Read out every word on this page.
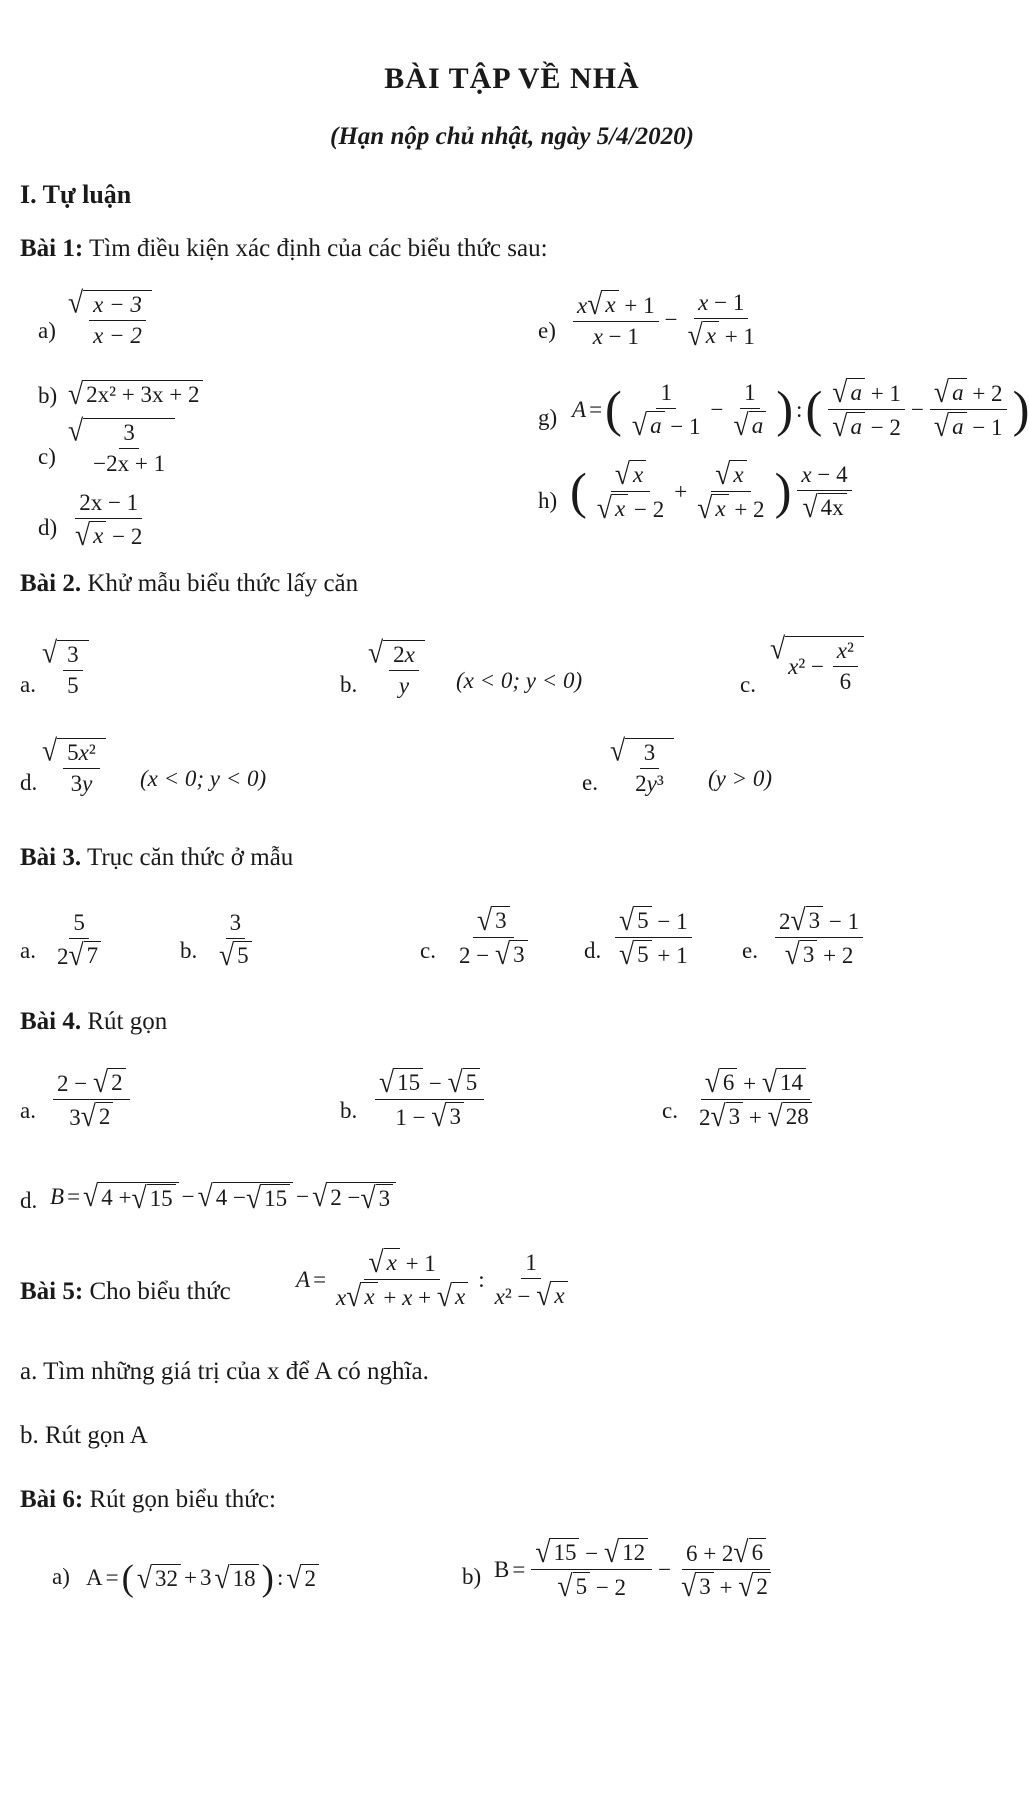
BÀI TẬP VỀ NHÀ
(Hạn nộp chủ nhật, ngày 5/4/2020)
I. Tự luận
Bài 1: Tìm điều kiện xác định của các biểu thức sau:
a)
√ $\frac{x - 3}{x - 2}$
b) √ 2x² + 3x + 2
c)
√ $\frac{3}{-2x + 1}$
$d) \frac{2x - 1}{√ x - 2}$
$e) \frac{x √ x + 1}{x - 1} - \frac{x - 1}{√ x + 1}$
g) A = ( $\frac{1}{√ a - 1} - \frac{1}{√ a}$ ) : ( $\frac{√ a + 1}{√ a - 2} - \frac{√ a + 2}{√ a - 1}$ )
h) ( $\frac{√ x}{√ x - 2} + \frac{√ x}{√ x + 2}$ ) $\frac{x - 4}{√ 4x}$
Bài 2. Khử mẫu biểu thức lấy căn
a.
√ $\frac{3}{5}$	b.
√ $\frac{2x}{y} (x < 0$; y < 0)	c.
√
x $^2 - \frac{\text{x²}}{6}$
d.
√ $\frac{\text{5x²}}{3y} (x < 0$; y < 0)	e.
√ $\frac{3}{\text{2y³}} (y > 0)$
Bài 3. Trục căn thức ở mẫu
a. $\frac{5}{2 √ 7}$	b. $\frac{3}{√ 5}$	c. $\frac{√ 3}{2 - √ 3} d$. $\frac{√ 5 - 1}{√ 5 + 1} e$. $\frac{2 √ 3 - 1}{√ 3 + 2}$
Bài 4. Rút gọn
a. $\frac{2 - √ 2}{3 √ 2}$	b. $\frac{√ 15 - √ 5}{1 - √ 3}$	c. $\frac{√ 6 + √ 14}{2 √ 3 + √ 28}$
d. B = √ 4 + √ 15 − √ 4 − √ 15 − √ 2 − √ 3
Bài 5: Cho biểu thức	$A = \frac{√ x + 1}{x √ x + x + √ x}$ : $\frac{1}{\text{x² − √ x}}$
a. Tìm những giá trị của x để A có nghĩa.
b. Rút gọn A
Bài 6: Rút gọn biểu thức:
a) A = ( √ 32 + 3 √ 18 ) : √ 2	b) $B = \frac{√ 15 - √ 12}{√ 5 - 2} - \frac{6 + 2 √ 6}{√ 3 + √ 2}$
